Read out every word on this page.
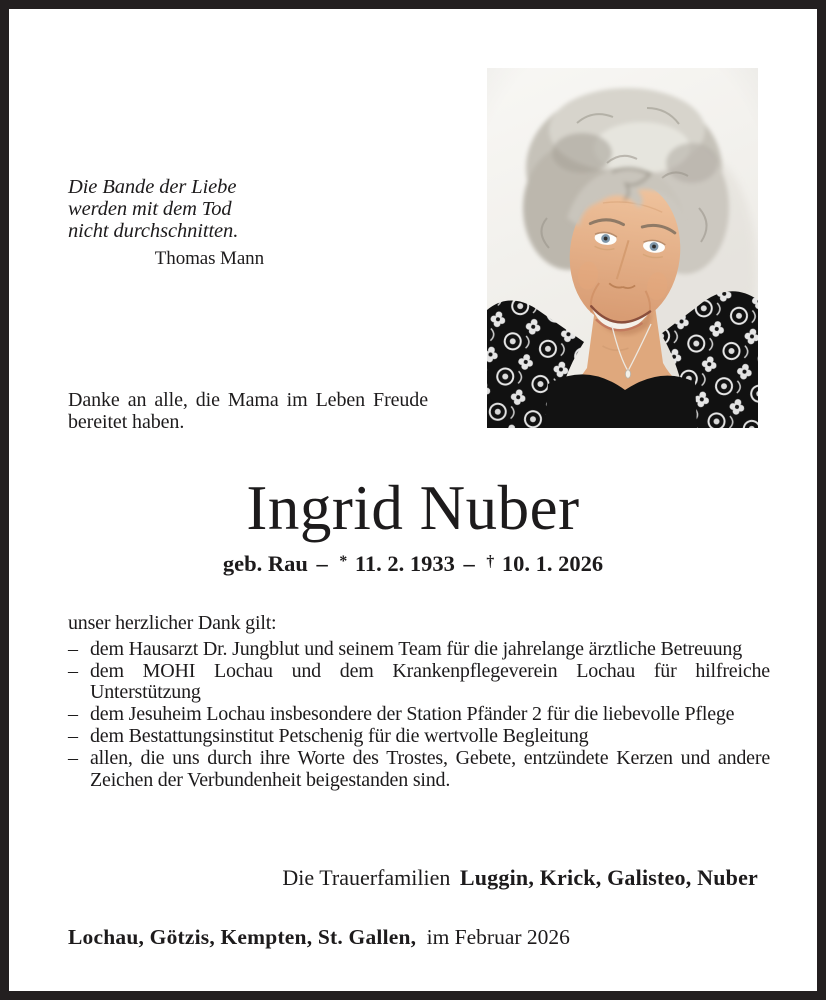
Die Bande der Liebe
werden mit dem Tod
nicht durchschnitten.
Thomas Mann
Danke an alle, die Mama im Leben Freude bereitet haben.
Ingrid Nuber
geb. Rau – * 11. 2. 1933 – † 10. 1. 2026

unser herzlicher Dank gilt:

– dem Hausarzt Dr. Jungblut und seinem Team für die jahrelange ärztliche Betreuung
– dem MOHI Lochau und dem Krankenpflegeverein Lochau für hilfreiche Unterstützung
– dem Jesuheim Lochau insbesondere der Station Pfänder 2 für die liebevolle Pflege
– dem Bestattungsinstitut Petschenig für die wertvolle Begleitung
– allen, die uns durch ihre Worte des Trostes, Gebete, entzündete Kerzen und andere Zeichen der Verbundenheit beigestanden sind.
Die Trauerfamilien Luggin, Krick, Galisteo, Nuber
Lochau, Götzis, Kempten, St. Gallen, im Februar 2026
